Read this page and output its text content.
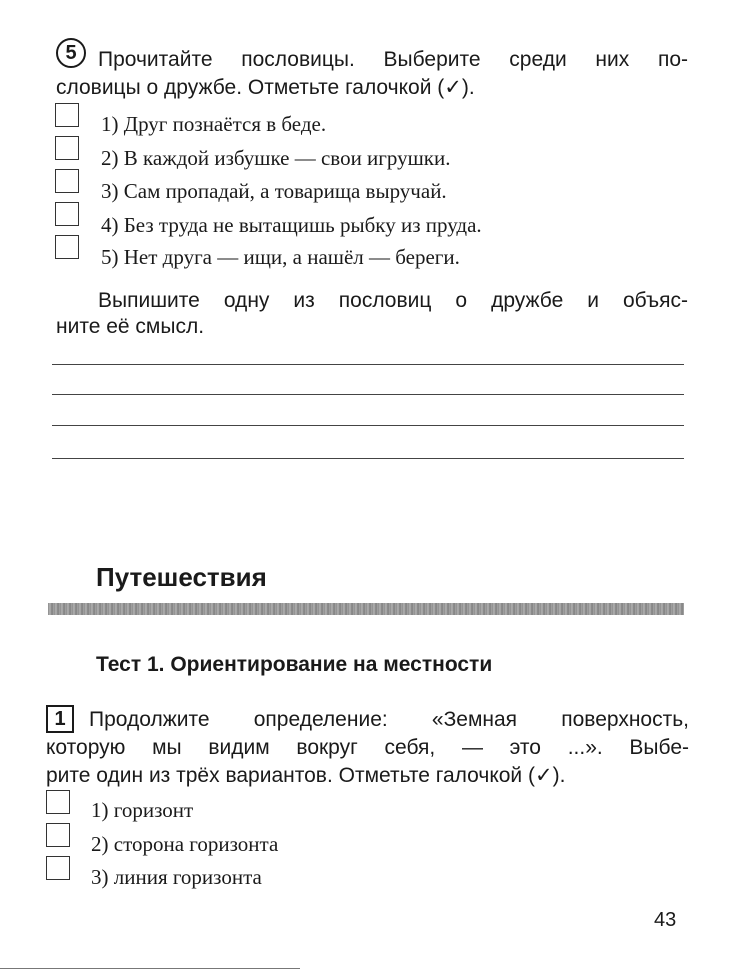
5	Прочитайте пословицы. Выберите среди них по-
словицы о дружбе. Отметьте галочкой (✓).
1) Друг познаётся в беде.
2) В каждой избушке — свои игрушки.
3) Сам пропадай, а товарища выручай.
4) Без труда не вытащишь рыбку из пруда.
5) Нет друга — ищи, а нашёл — береги.
Выпишите одну из пословиц о дружбе и объяс-
ните её смысл.
Путешествия
Тест 1. Ориентирование на местности
1	Продолжите определение: «Земная поверхность,
которую мы видим вокруг себя, — это ...». Выбе-
рите один из трёх вариантов. Отметьте галочкой (✓).
1) горизонт
2) сторона горизонта
3) линия горизонта
43
